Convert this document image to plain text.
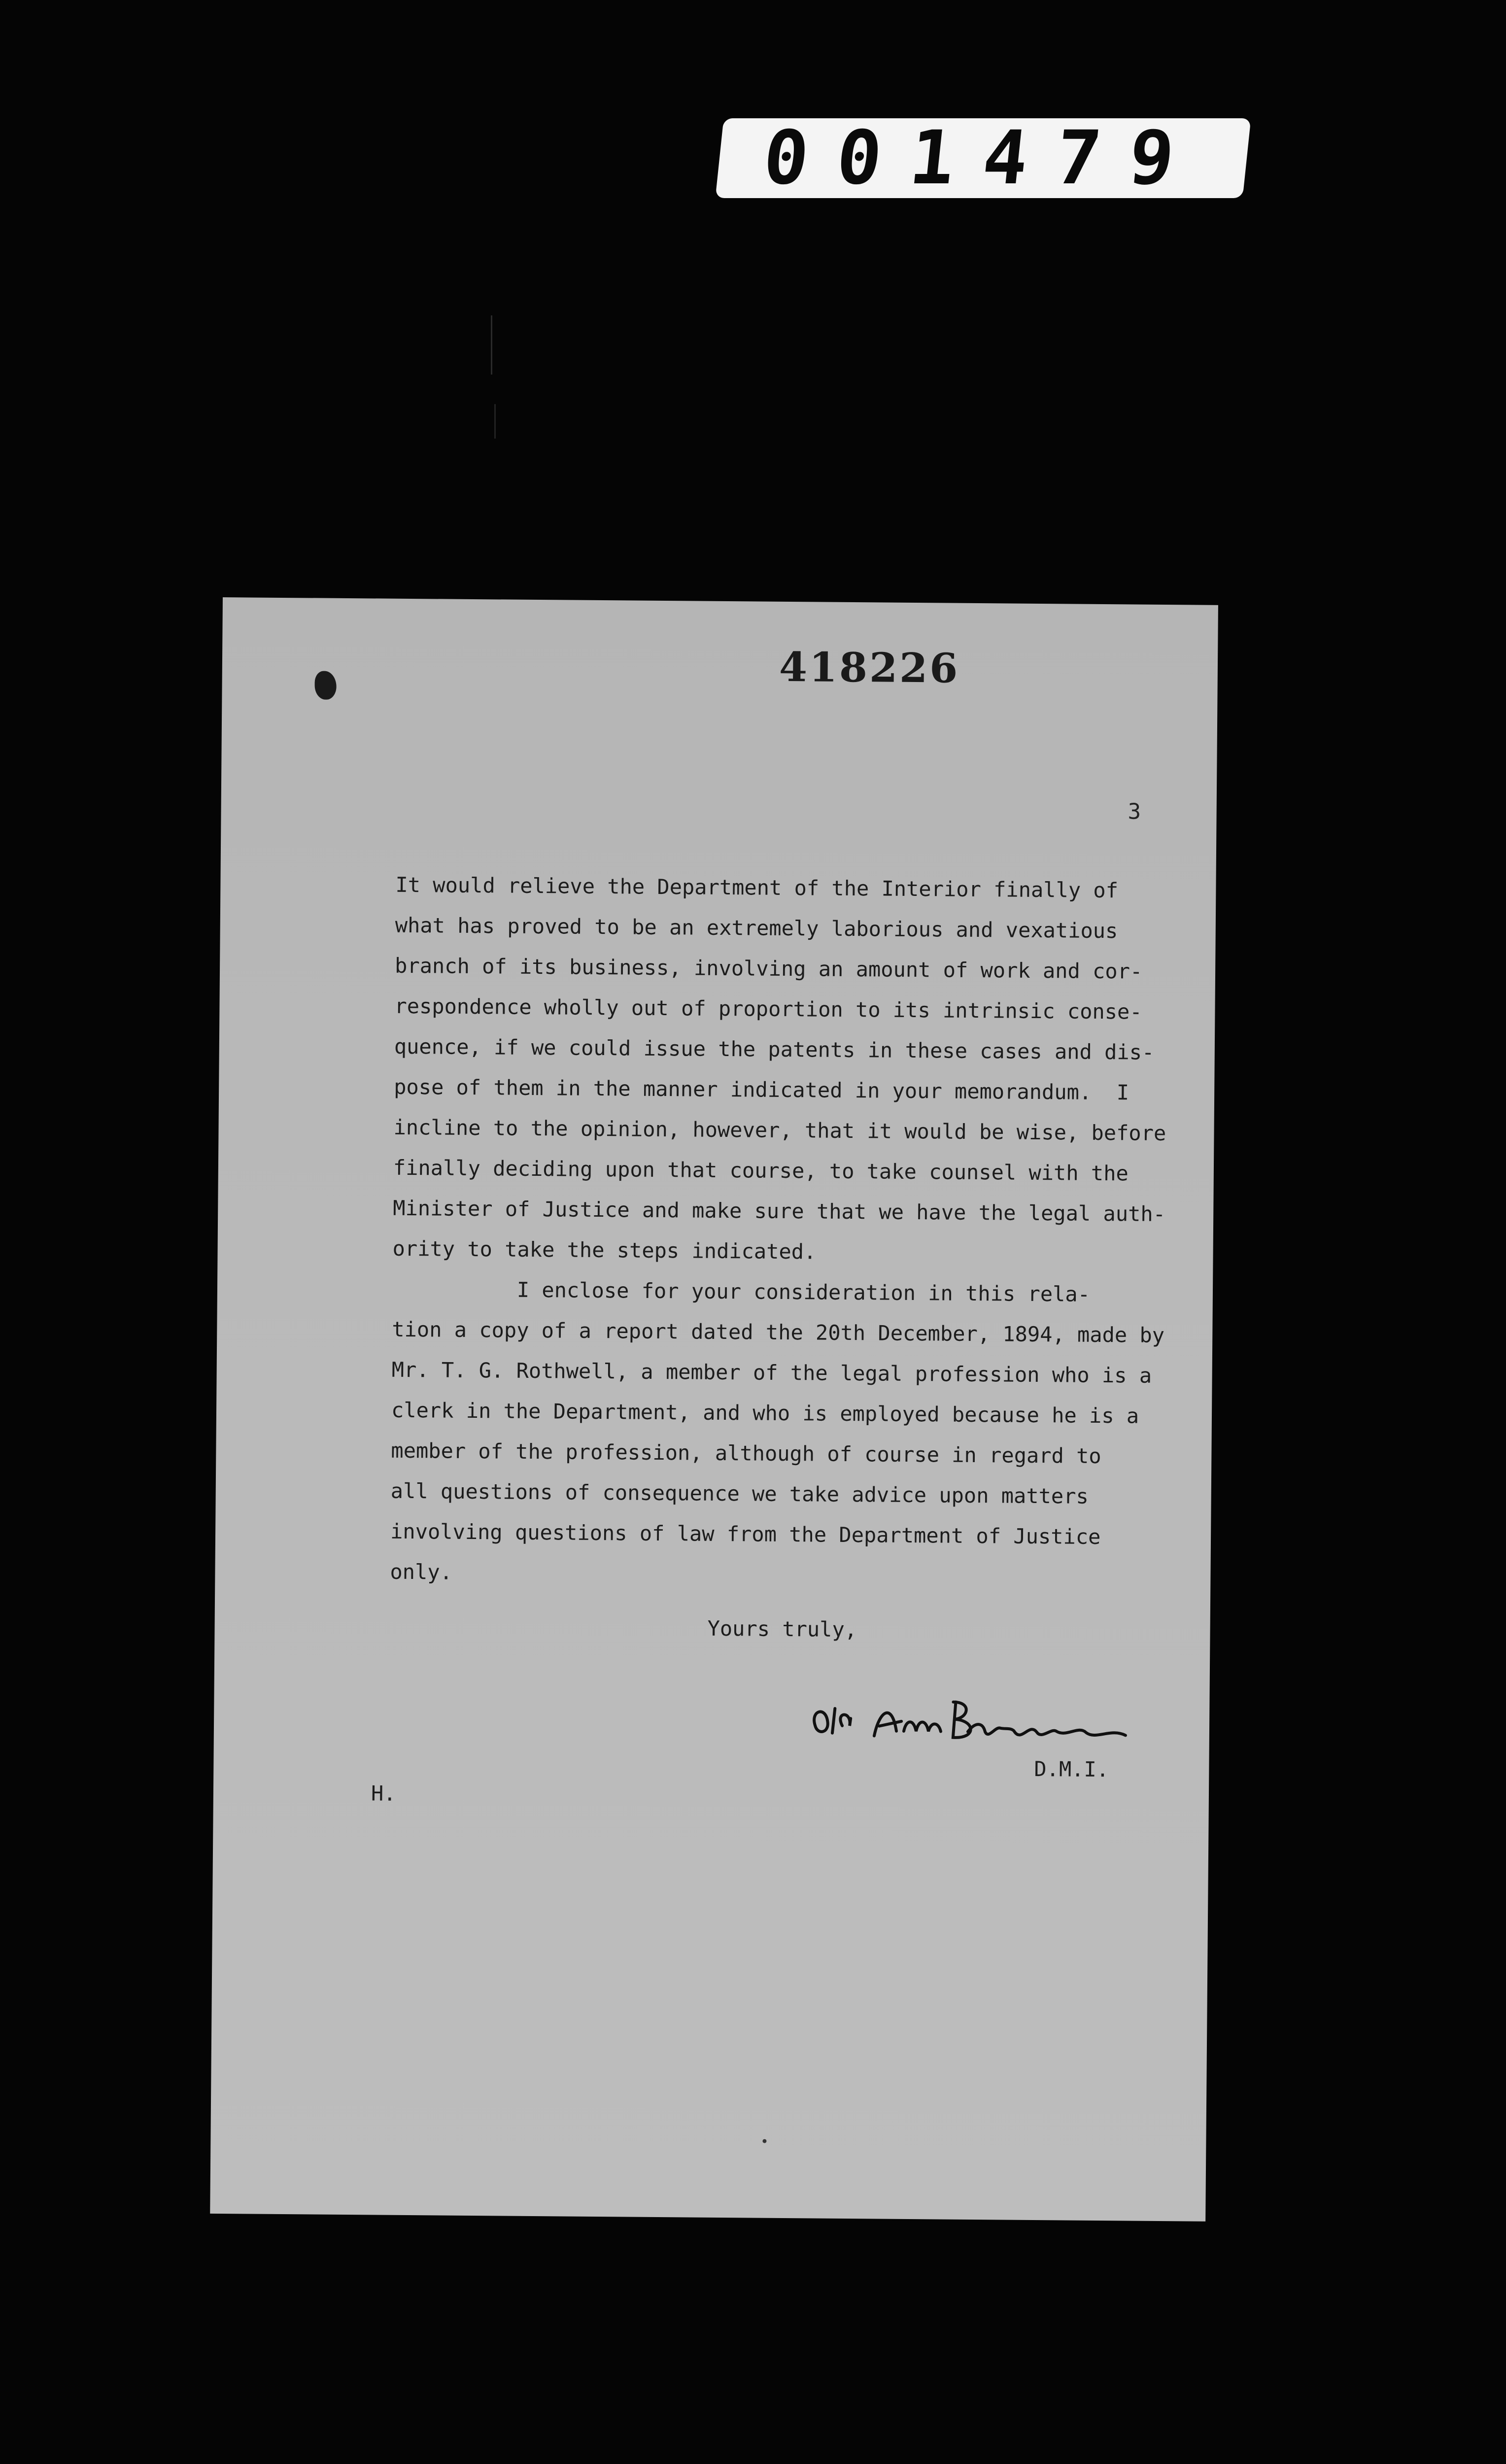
001479
418226
3
It would relieve the Department of the Interior finally of
what has proved to be an extremely laborious and vexatious
branch of its business, involving an amount of work and cor-
respondence wholly out of proportion to its intrinsic conse-
quence, if we could issue the patents in these cases and dis-
pose of them in the manner indicated in your memorandum.  I
incline to the opinion, however, that it would be wise, before
finally deciding upon that course, to take counsel with the
Minister of Justice and make sure that we have the legal auth-
ority to take the steps indicated.
I enclose for your consideration in this rela-
tion a copy of a report dated the 20th December, 1894, made by
Mr. T. G. Rothwell, a member of the legal profession who is a
clerk in the Department, and who is employed because he is a
member of the profession, although of course in regard to
all questions of consequence we take advice upon matters
involving questions of law from the Department of Justice
only.
Yours truly,
D.M.I.
H.
